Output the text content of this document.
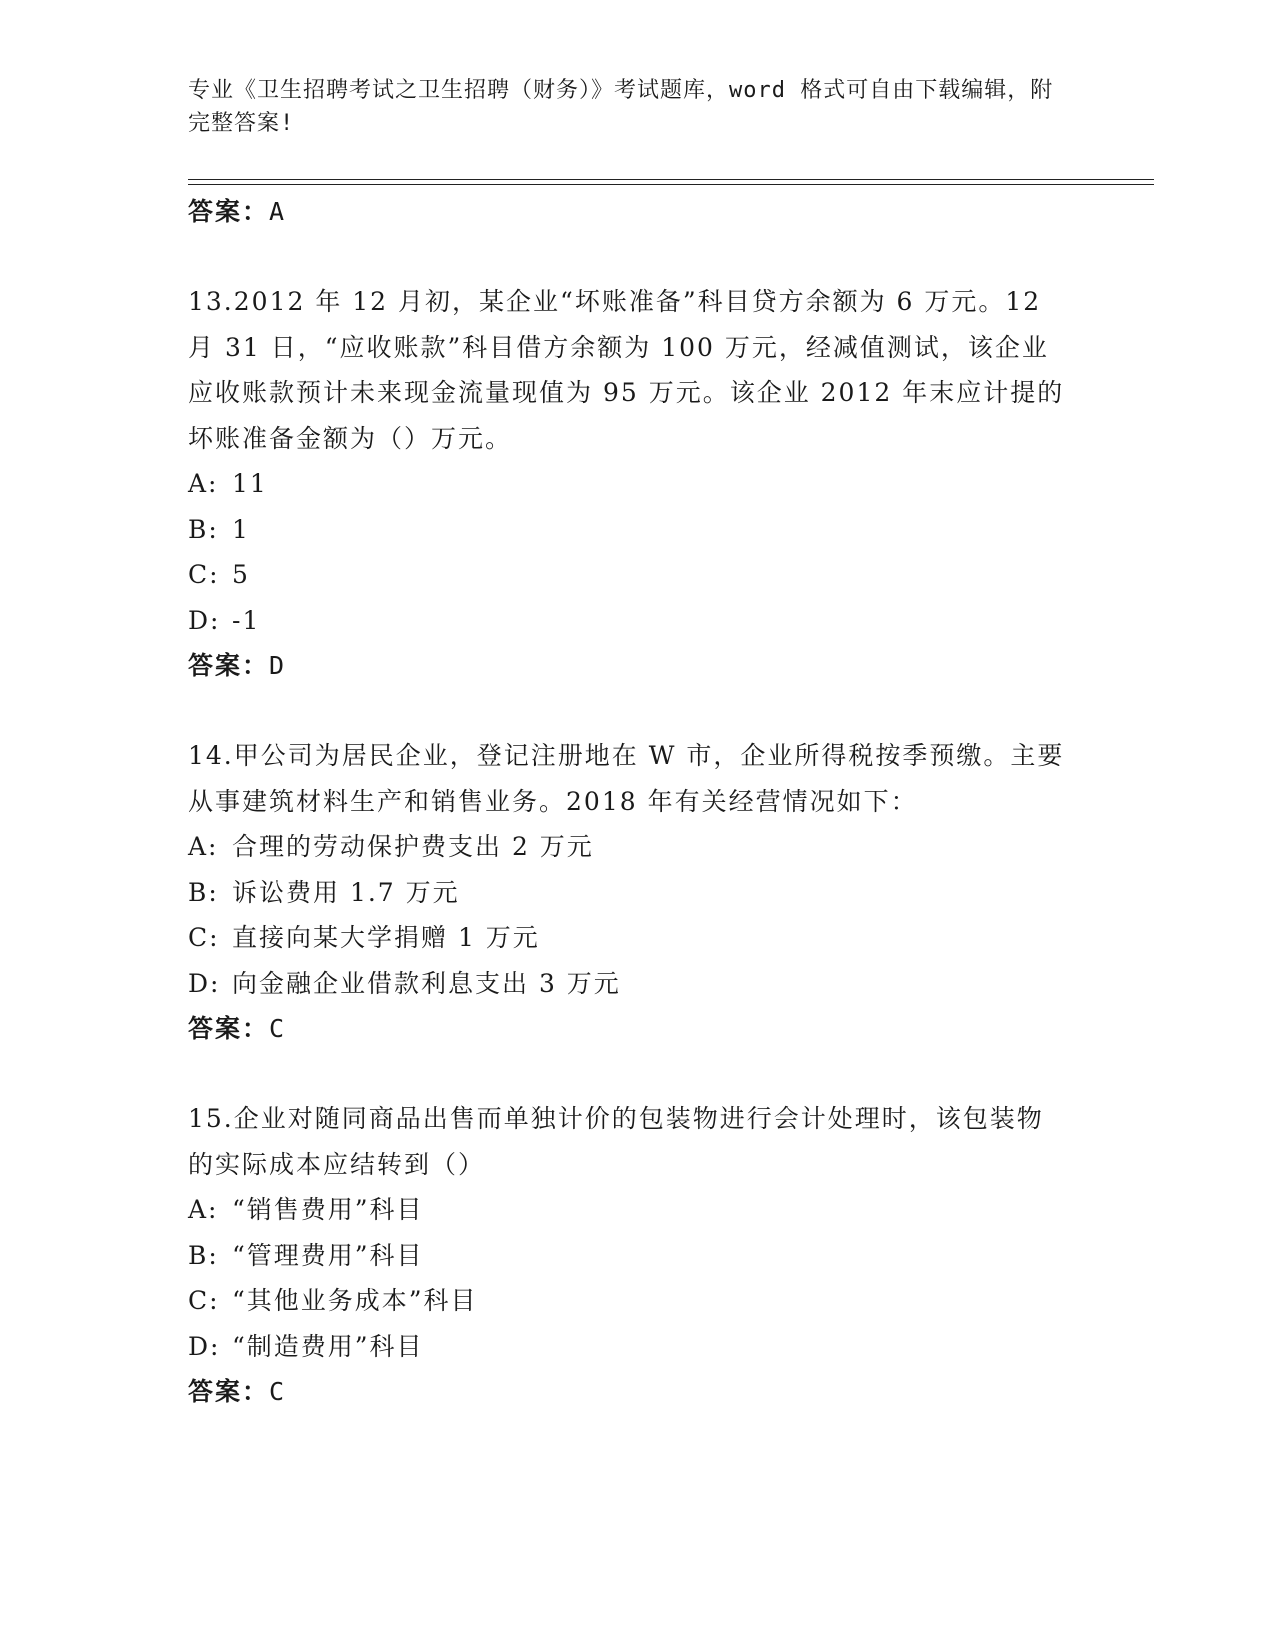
专业《卫生招聘考试之卫生招聘（财务）》考试题库，word 格式可自由下载编辑，附完整答案!
答案：A
13.2012 年 12 月初，某企业“坏账准备”科目贷方余额为 6 万元。12 月 31 日，“应收账款”科目借方余额为 100 万元，经减值测试，该企业应收账款预计未来现金流量现值为 95 万元。该企业 2012 年末应计提的坏账准备金额为（）万元。
A: 11
B: 1
C: 5
D: -1
答案：D
14.甲公司为居民企业，登记注册地在 W 市，企业所得税按季预缴。主要从事建筑材料生产和销售业务。2018 年有关经营情况如下：
A: 合理的劳动保护费支出 2 万元
B: 诉讼费用 1.7 万元
C: 直接向某大学捐赠 1 万元
D: 向金融企业借款利息支出 3 万元
答案：C
15.企业对随同商品出售而单独计价的包装物进行会计处理时，该包装物的实际成本应结转到（）
A: “销售费用”科目
B: “管理费用”科目
C: “其他业务成本”科目
D: “制造费用”科目
答案：C
